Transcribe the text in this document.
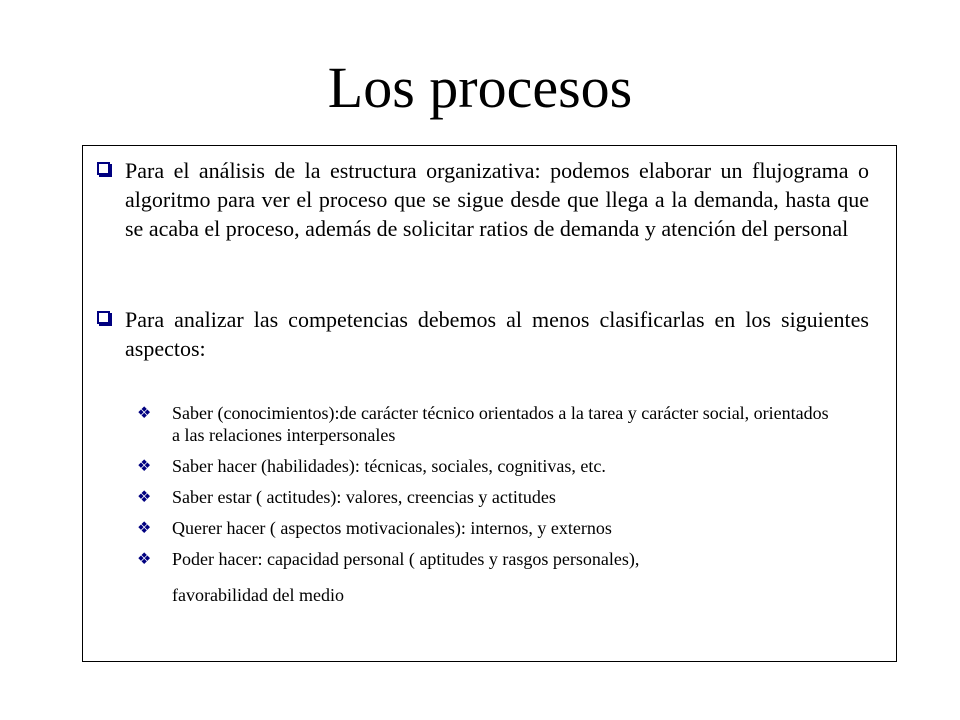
Los procesos
Para el análisis de la estructura organizativa: podemos elaborar un flujograma o algoritmo para ver el proceso que se sigue desde que llega a la demanda, hasta que se acaba el proceso, además de solicitar ratios de demanda y atención del personal
Para analizar las competencias debemos al menos clasificarlas en los siguientes aspectos:
❖ Saber (conocimientos):de carácter técnico orientados a la tarea y carácter social, orientados a las relaciones interpersonales
❖ Saber hacer (habilidades): técnicas, sociales, cognitivas, etc.
❖ Saber estar ( actitudes): valores, creencias y actitudes
❖ Querer hacer ( aspectos motivacionales): internos, y externos
❖ Poder hacer: capacidad personal ( aptitudes y rasgos personales),
favorabilidad del medio
